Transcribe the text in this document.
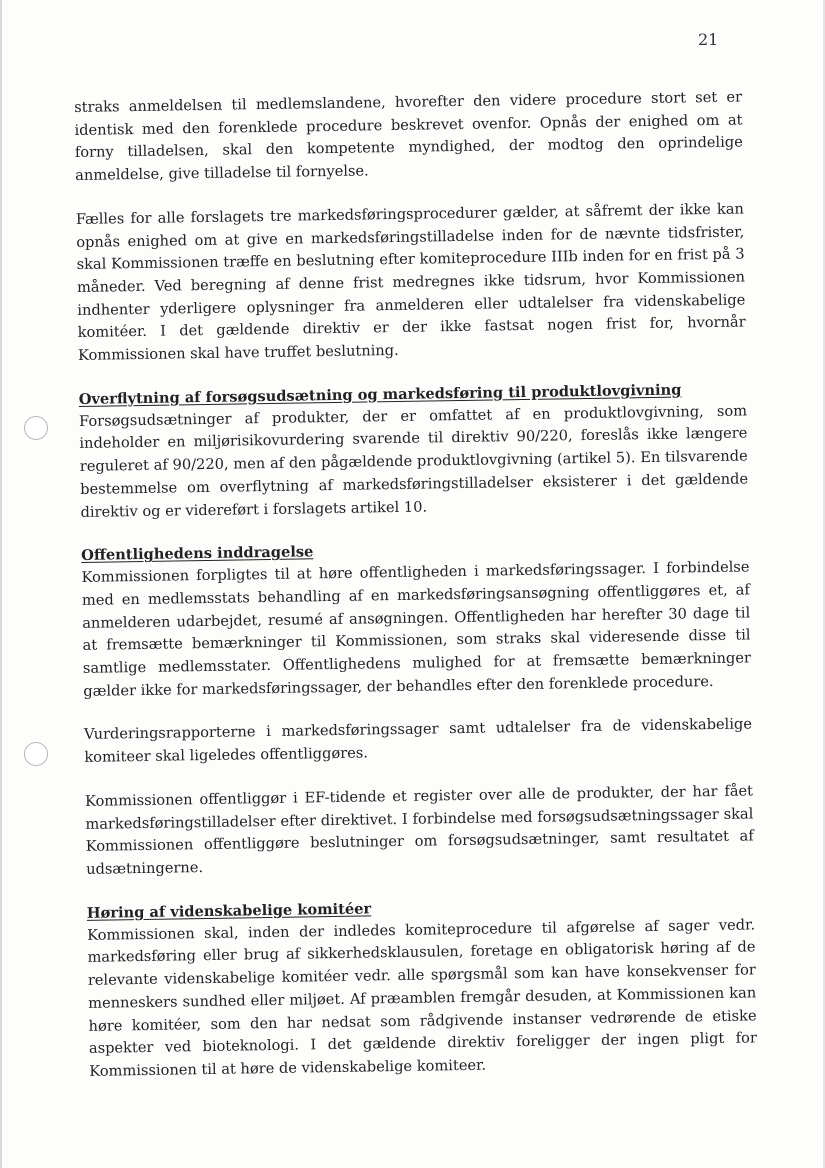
21

straks anmeldelsen til medlemslandene, hvorefter den videre procedure stort set er identisk med den forenklede procedure beskrevet ovenfor. Opnås der enighed om at forny tilladelsen, skal den kompetente myndighed, der modtog den oprindelige anmeldelse, give tilladelse til fornyelse.

Fælles for alle forslagets tre markedsføringsprocedurer gælder, at såfremt der ikke kan opnås enighed om at give en markedsføringstilladelse inden for de nævnte tidsfrister, skal Kommissionen træffe en beslutning efter komiteprocedure IIIb inden for en frist på 3 måneder. Ved beregning af denne frist medregnes ikke tidsrum, hvor Kommissionen indhenter yderligere oplysninger fra anmelderen eller udtalelser fra videnskabelige komitéer. I det gældende direktiv er der ikke fastsat nogen frist for, hvornår Kommissionen skal have truffet beslutning.

Overflytning af forsøgsudsætning og markedsføring til produktlovgivning

Forsøgsudsætninger af produkter, der er omfattet af en produktlovgivning, som indeholder en miljørisikovurdering svarende til direktiv 90/220, foreslås ikke længere reguleret af 90/220, men af den pågældende produktlovgivning (artikel 5). En tilsvarende bestemmelse om overflytning af markedsføringstilladelser eksisterer i det gældende direktiv og er videreført i forslagets artikel 10.

Offentlighedens inddragelse

Kommissionen forpligtes til at høre offentligheden i markedsføringssager. I forbindelse med en medlemsstats behandling af en markedsføringsansøgning offentliggøres et, af anmelderen udarbejdet, resumé af ansøgningen. Offentligheden har herefter 30 dage til at fremsætte bemærkninger til Kommissionen, som straks skal videresende disse til samtlige medlemsstater. Offentlighedens mulighed for at fremsætte bemærkninger gælder ikke for markedsføringssager, der behandles efter den forenklede procedure.

Vurderingsrapporterne i markedsføringssager samt udtalelser fra de videnskabelige komiteer skal ligeledes offentliggøres.

Kommissionen offentliggør i EF-tidende et register over alle de produkter, der har fået markedsføringstilladelser efter direktivet. I forbindelse med forsøgsudsætningssager skal Kommissionen offentliggøre beslutninger om forsøgsudsætninger, samt resultatet af udsætningerne.

Høring af videnskabelige komitéer

Kommissionen skal, inden der indledes komiteprocedure til afgørelse af sager vedr. markedsføring eller brug af sikkerhedsklausulen, foretage en obligatorisk høring af de relevante videnskabelige komitéer vedr. alle spørgsmål som kan have konsekvenser for menneskers sundhed eller miljøet. Af præamblen fremgår desuden, at Kommissionen kan høre komitéer, som den har nedsat som rådgivende instanser vedrørende de etiske aspekter ved bioteknologi. I det gældende direktiv foreligger der ingen pligt for Kommissionen til at høre de videnskabelige komiteer.
